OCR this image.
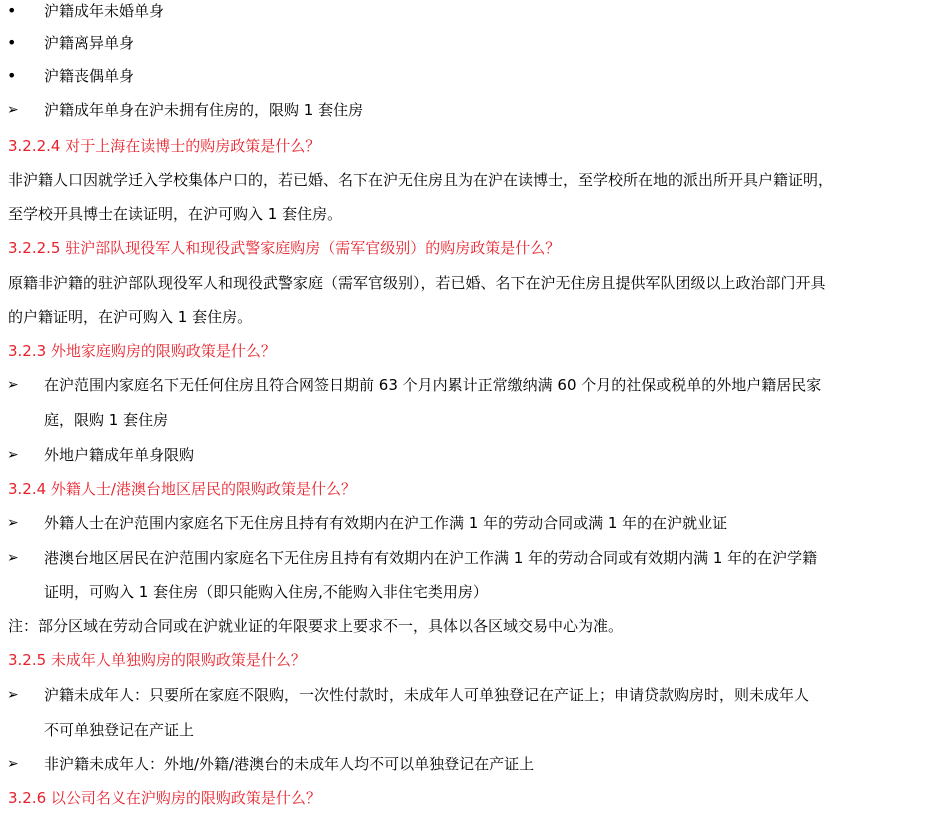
•	沪籍成年未婚单身
•	沪籍离异单身
•	沪籍丧偶单身
➢	沪籍成年单身在沪未拥有住房的，限购 1 套住房
3.2.2.4 对于上海在读博士的购房政策是什么？
非沪籍人口因就学迁入学校集体户口的，若已婚、名下在沪无住房且为在沪在读博士，至学校所在地的派出所开具户籍证明，
至学校开具博士在读证明，在沪可购入 1 套住房。
3.2.2.5 驻沪部队现役军人和现役武警家庭购房（需军官级别）的购房政策是什么？
原籍非沪籍的驻沪部队现役军人和现役武警家庭（需军官级别），若已婚、名下在沪无住房且提供军队团级以上政治部门开具
的户籍证明，在沪可购入 1 套住房。
3.2.3 外地家庭购房的限购政策是什么？
➢	在沪范围内家庭名下无任何住房且符合网签日期前 63 个月内累计正常缴纳满 60 个月的社保或税单的外地户籍居民家
庭，限购 1 套住房
➢	外地户籍成年单身限购
3.2.4 外籍人士/港澳台地区居民的限购政策是什么？
➢	外籍人士在沪范围内家庭名下无住房且持有有效期内在沪工作满 1 年的劳动合同或满 1 年的在沪就业证
➢	港澳台地区居民在沪范围内家庭名下无住房且持有有效期内在沪工作满 1 年的劳动合同或有效期内满 1 年的在沪学籍
证明，可购入 1 套住房（即只能购入住房,不能购入非住宅类用房）
注：部分区域在劳动合同或在沪就业证的年限要求上要求不一，具体以各区域交易中心为准。
3.2.5 未成年人单独购房的限购政策是什么？
➢	沪籍未成年人：只要所在家庭不限购，一次性付款时，未成年人可单独登记在产证上；申请贷款购房时，则未成年人
不可单独登记在产证上
➢	非沪籍未成年人：外地/外籍/港澳台的未成年人均不可以单独登记在产证上
3.2.6 以公司名义在沪购房的限购政策是什么？
